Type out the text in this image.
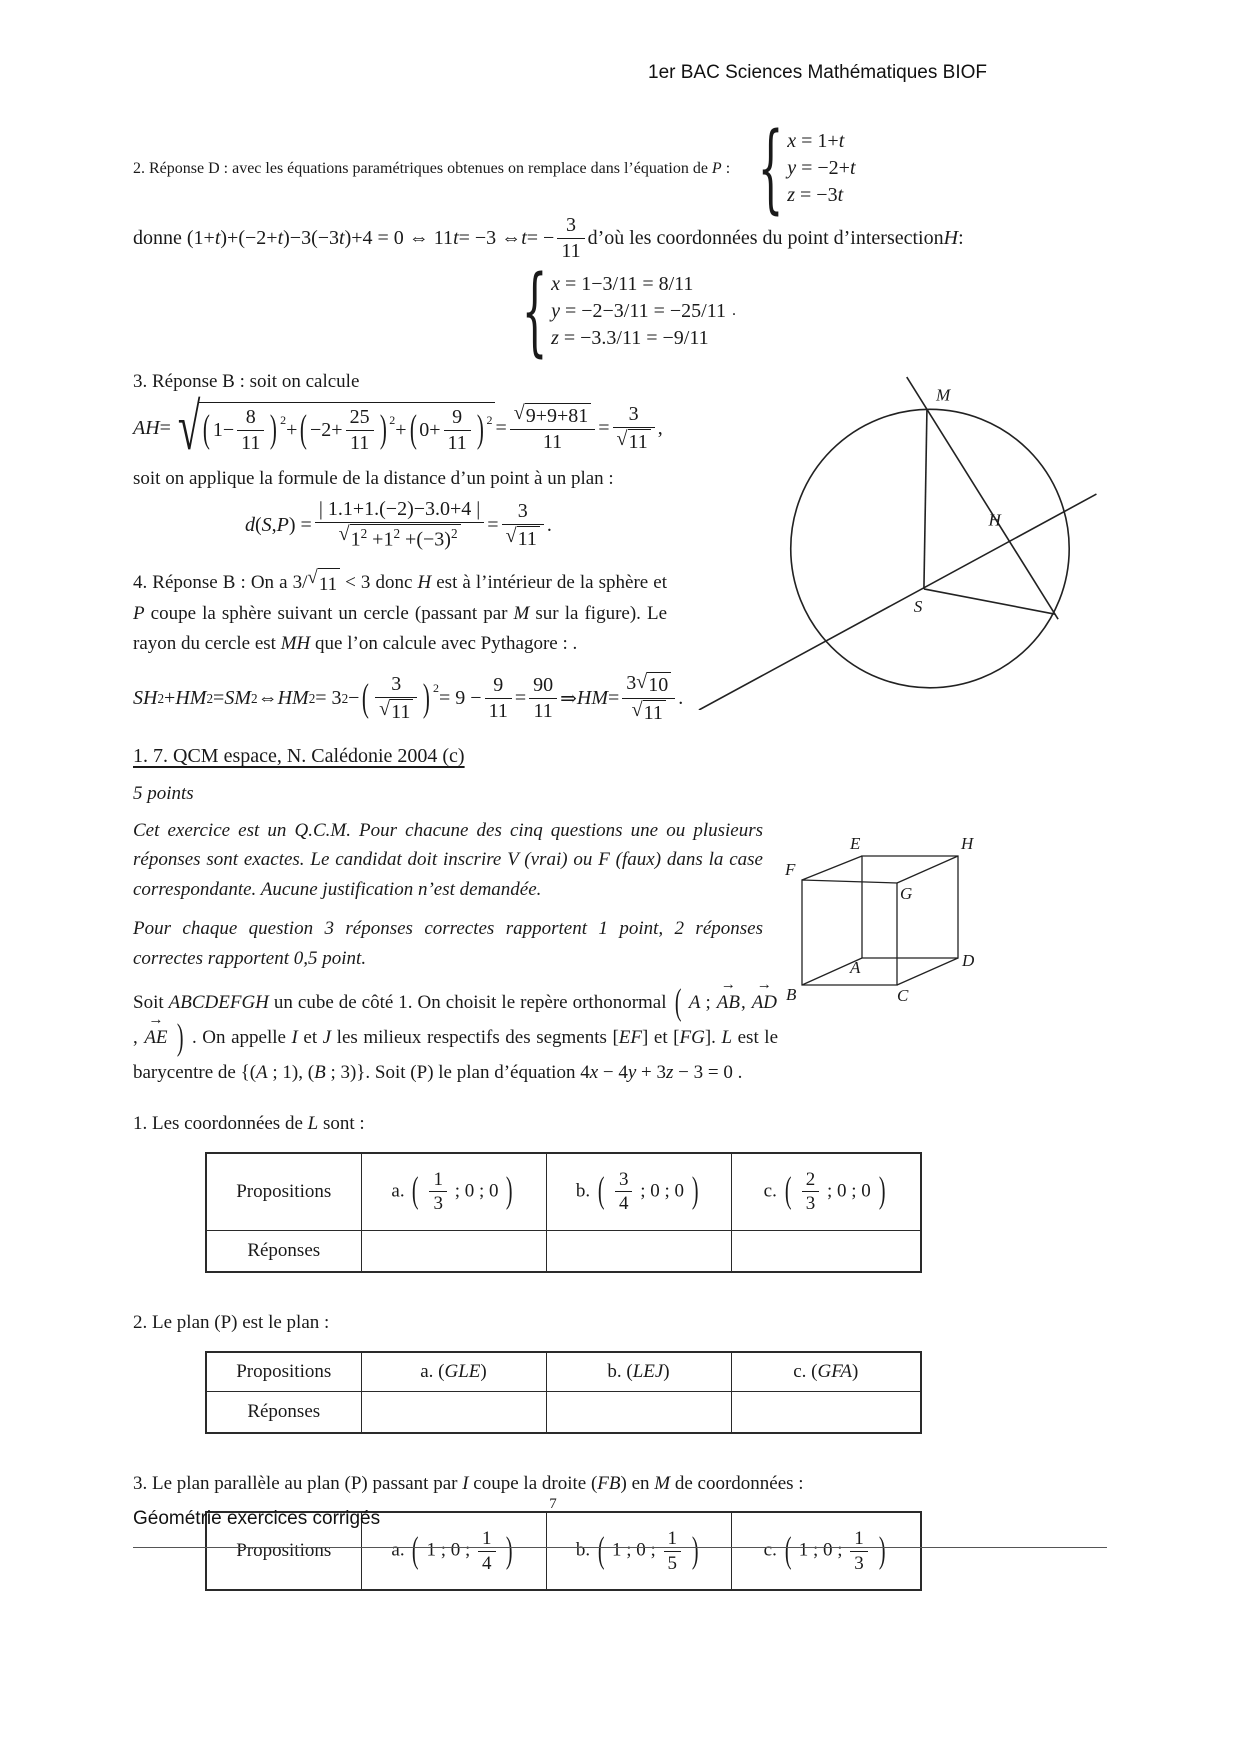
1er BAC Sciences Mathématiques BIOF
2. Réponse D : avec les équations paramétriques obtenues on remplace dans l’équation de P : { x = 1+t
y = −2+t
z = −3t
donne (1+ t )+(−2+ t )−3(−3 t )+4 = 0 ⇔ 11 t = −3 ⇔ t = − $\frac{3}{11}$ d’où les coordonnées du point d’intersection H :
{ x = 1−3/11 = 8/11
y = −2−3/11 = −25/11
z = −3.3/11 = −9/11
.

3. Réponse B : soit on calcule

AH = √ ( $1- \frac{8}{11} )^2$ + ( $-2+ \frac{25}{11} )^2$ + ( $0+ \frac{9}{11} )^2 = \frac{√ 9+9+81}{11} = \frac{3}{√ 11}$ ,

soit on applique la formule de la distance d’un point à un plan :

d ( S , P ) = $\frac{| 1.1+1.(-2)-3.0+4 |}{√ 1^2 +1^2 +(-3)^2} = \frac{3}{√ 11}$ .

4. Réponse B : On a 3/ √ 11 < 3 donc H est à l’intérieur de la sphère et P coupe la sphère suivant un cercle (passant par M sur la figure). Le rayon du cercle est MH que l’on calcule avec Pythagore : .

SH 2 + HM 2 = SM 2 ⇔ HM 2 = 3 2 − ( $\frac{3}{√ 11} )^2 = 9 - \frac{9}{11} = \frac{90}{11}$ ⇒ HM = $\frac{3 √ 10}{√ 11}$ .
1. 7. QCM espace, N. Calédonie 2004 (c)

5 points

Cet exercice est un Q.C.M. Pour chacune des cinq questions une ou plusieurs réponses sont exactes. Le candidat doit inscrire V (vrai) ou F (faux) dans la case correspondante. Aucune justification n’est demandée.

Pour chaque question 3 réponses correctes rapportent 1 point, 2 réponses correctes rapportent 0,5 point.

Soit ABCDEFGH un cube de côté 1. On choisit le repère orthonormal ( A ; AB →, AD →, AE → ) . On appelle I et J les milieux respectifs des segments [EF] et [FG]. L est le barycentre de {(A ; 1), (B ; 3)}. Soit (P) le plan d’équation 4x − 4y + 3z − 3 = 0 .

1. Les coordonnées de L sont :

Propositions	a. ( $\frac{1}{3}$ ; 0 ; 0 )	b. ( $\frac{3}{4}$ ; 0 ; 0 )	c. ( $\frac{2}{3}$ ; 0 ; 0 )
Réponses			

2. Le plan (P) est le plan :

Propositions	a. (GLE)	b. (LEJ)	c. (GFA)
Réponses			

3. Le plan parallèle au plan (P) passant par I coupe la droite (FB) en M de coordonnées :

Propositions	a. ( 1 ; 0 ; $\frac{1}{4}$ )	b. ( 1 ; 0 ; $\frac{1}{5}$ )	c. ( 1 ; 0 ; $\frac{1}{3}$ )
M
H
S
E	H
F
G
A	D
B	C
7
Géométrie exercices corrigés
